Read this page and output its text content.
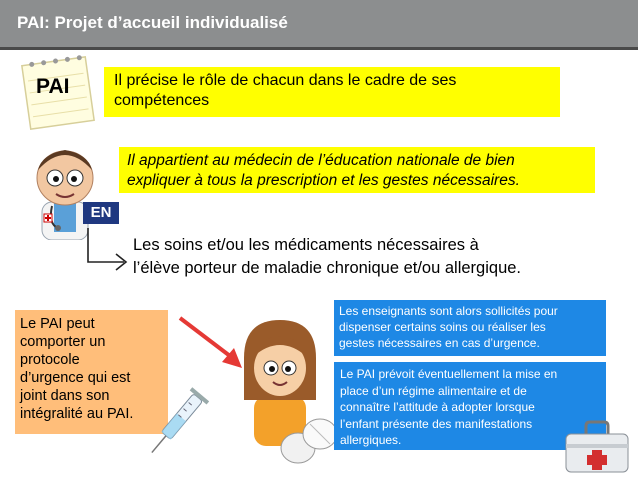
PAI: Projet d’accueil individualisé
PAI	Il précise le rôle de chacun dans le cadre de ses
compétences
Il appartient au médecin de l’éducation nationale de bien
expliquer à tous la prescription et les gestes nécessaires.
EN
Les soins et/ou les médicaments nécessaires à
l’élève porteur de maladie chronique et/ou allergique.
Le PAI peut
comporter un
protocole
d’urgence qui est
joint dans son
intégralité au PAI.
Les enseignants sont alors sollicités pour
dispenser certains soins ou réaliser les
gestes nécessaires en cas d’urgence.
Le PAI prévoit éventuellement la mise en
place d’un régime alimentaire et de
connaître l’attitude à adopter lorsque
l’enfant présente des manifestations
allergiques.
